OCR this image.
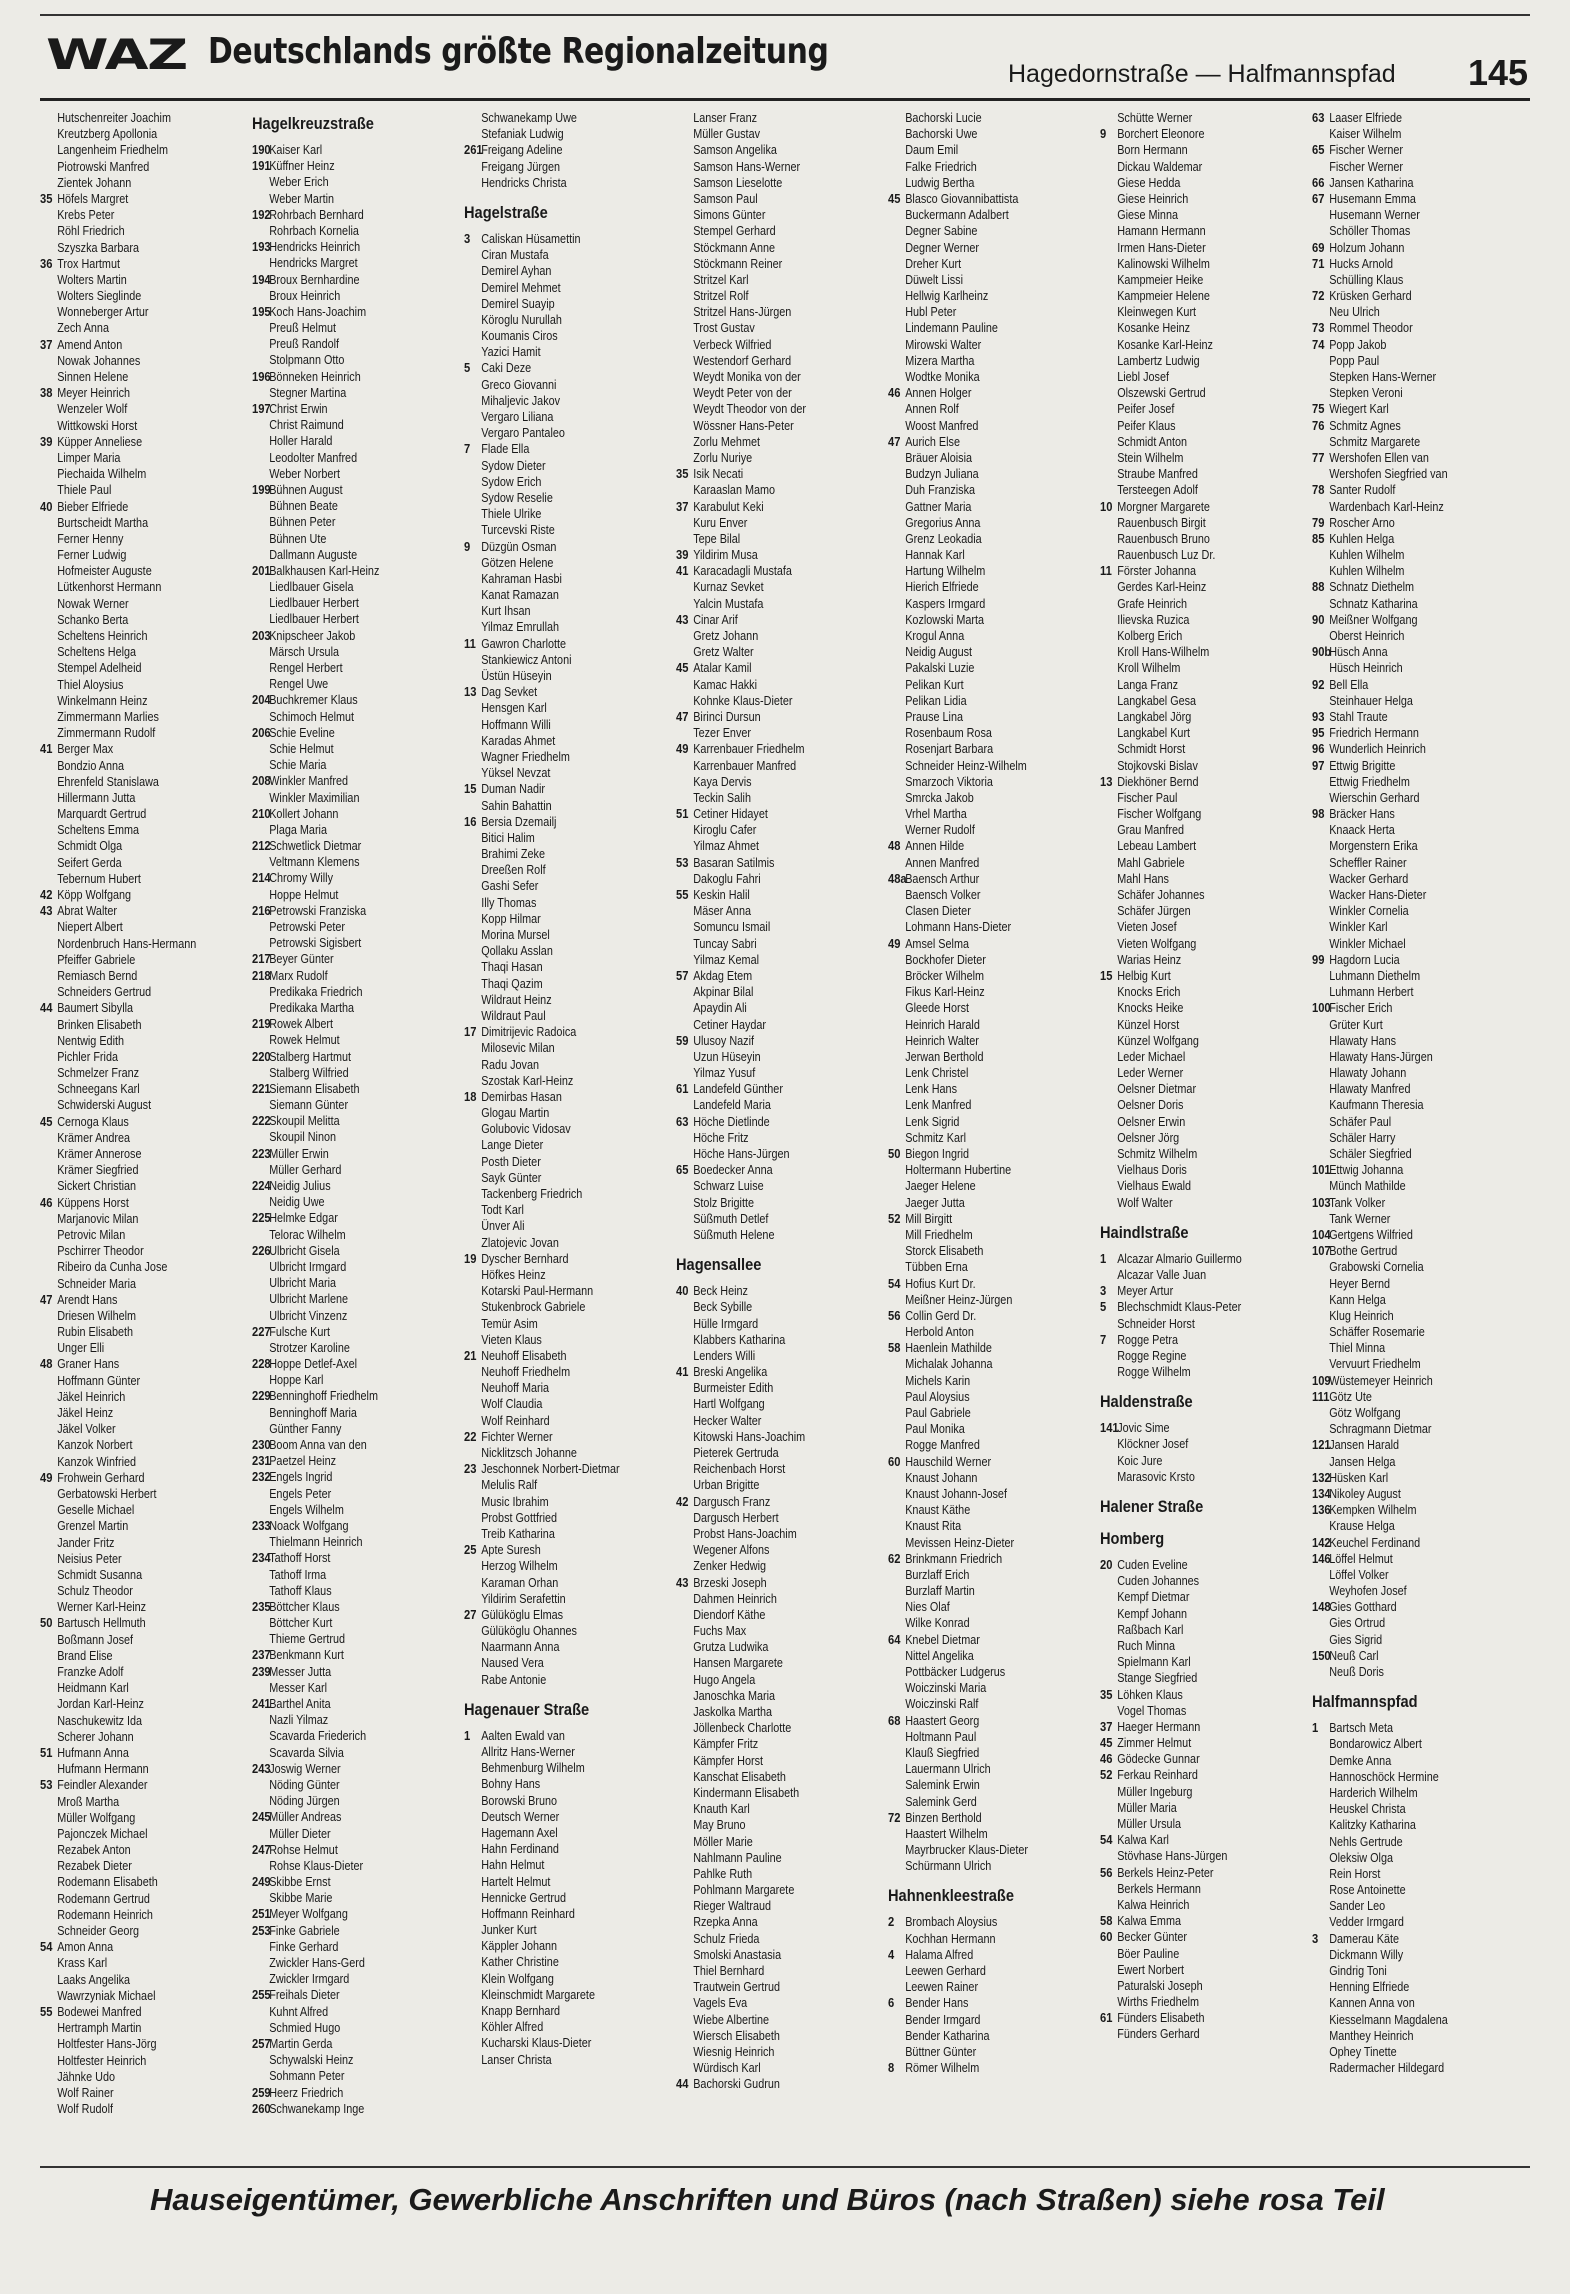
WAZ Deutschlands größte Regionalzeitung
Hagedornstraße — Halfmannspfad 145
Hutschenreiter Joachim
Kreutzberg Apollonia
Langenheim Friedhelm
Piotrowski Manfred
Zientek Johann
35 Höfels Margret
Krebs Peter
Röhl Friedrich
Szyszka Barbara
36 Trox Hartmut
Wolters Martin
Wolters Sieglinde
Wonneberger Artur
Zech Anna
37 Amend Anton
Nowak Johannes
Sinnen Helene
38 Meyer Heinrich
Wenzeler Wolf
Wittkowski Horst
39 Küpper Anneliese
Limper Maria
Piechaida Wilhelm
Thiele Paul
40 Bieber Elfriede
Burtscheidt Martha
Ferner Henny
Ferner Ludwig
Hofmeister Auguste
Lütkenhorst Hermann
Nowak Werner
Schanko Berta
Scheltens Heinrich
Scheltens Helga
Stempel Adelheid
Thiel Aloysius
Winkelmann Heinz
Zimmermann Marlies
Zimmermann Rudolf
41 Berger Max
Bondzio Anna
Ehrenfeld Stanislawa
Hillermann Jutta
Marquardt Gertrud
Scheltens Emma
Schmidt Olga
Seifert Gerda
Tebernum Hubert
42 Köpp Wolfgang
43 Abrat Walter
Niepert Albert
Nordenbruch Hans-Hermann
Pfeiffer Gabriele
Remiasch Bernd
Schneiders Gertrud
44 Baumert Sibylla
Brinken Elisabeth
Nentwig Edith
Pichler Frida
Schmelzer Franz
Schneegans Karl
Schwiderski August
45 Cernoga Klaus
Krämer Andrea
Krämer Annerose
Krämer Siegfried
Sickert Christian
46 Küppens Horst
Marjanovic Milan
Petrovic Milan
Pschirrer Theodor
Ribeiro da Cunha Jose
Schneider Maria
47 Arendt Hans
Driesen Wilhelm
Rubin Elisabeth
Unger Elli
48 Graner Hans
Hoffmann Günter
Jäkel Heinrich
Jäkel Heinz
Jäkel Volker
Kanzok Norbert
Kanzok Winfried
49 Frohwein Gerhard
Gerbatowski Herbert
Geselle Michael
Grenzel Martin
Jander Fritz
Neisius Peter
Schmidt Susanna
Schulz Theodor
Werner Karl-Heinz
50 Bartusch Hellmuth
Boßmann Josef
Brand Elise
Franzke Adolf
Heidmann Karl
Jordan Karl-Heinz
Naschukewitz Ida
Scherer Johann
51 Hufmann Anna
Hufmann Hermann
53 Feindler Alexander
Mroß Martha
Müller Wolfgang
Pajonczek Michael
Rezabek Anton
Rezabek Dieter
Rodemann Elisabeth
Rodemann Gertrud
Rodemann Heinrich
Schneider Georg
54 Amon Anna
Krass Karl
Laaks Angelika
Wawrzyniak Michael
55 Bodewei Manfred
Hertramph Martin
Holtfester Hans-Jörg
Holtfester Heinrich
Jähnke Udo
Wolf Rainer
Wolf Rudolf
Hagelkreuzstraße
190Kaiser Karl
191Küffner Heinz
Weber Erich
Weber Martin
192Rohrbach Bernhard
Rohrbach Kornelia
193Hendricks Heinrich
Hendricks Margret
194Broux Bernhardine
Broux Heinrich
195Koch Hans-Joachim
Preuß Helmut
Preuß Randolf
Stolpmann Otto
196Bönneken Heinrich
Stegner Martina
197Christ Erwin
Christ Raimund
Holler Harald
Leodolter Manfred
Weber Norbert
199Bühnen August
Bühnen Beate
Bühnen Peter
Bühnen Ute
Dallmann Auguste
201Balkhausen Karl-Heinz
Liedlbauer Gisela
Liedlbauer Herbert
Liedlbauer Herbert
203Knipscheer Jakob
Märsch Ursula
Rengel Herbert
Rengel Uwe
204Buchkremer Klaus
Schimoch Helmut
206Schie Eveline
Schie Helmut
Schie Maria
208Winkler Manfred
Winkler Maximilian
210Kollert Johann
Plaga Maria
212Schwetlick Dietmar
Veltmann Klemens
214Chromy Willy
Hoppe Helmut
216Petrowski Franziska
Petrowski Peter
Petrowski Sigisbert
217Beyer Günter
218Marx Rudolf
Predikaka Friedrich
Predikaka Martha
219Rowek Albert
Rowek Helmut
220Stalberg Hartmut
Stalberg Wilfried
221Siemann Elisabeth
Siemann Günter
222Skoupil Melitta
Skoupil Ninon
223Müller Erwin
Müller Gerhard
224Neidig Julius
Neidig Uwe
225Helmke Edgar
Telorac Wilhelm
226Ulbricht Gisela
Ulbricht Irmgard
Ulbricht Maria
Ulbricht Marlene
Ulbricht Vinzenz
227Fulsche Kurt
Strotzer Karoline
228Hoppe Detlef-Axel
Hoppe Karl
229Benninghoff Friedhelm
Benninghoff Maria
Günther Fanny
230Boom Anna van den
231Paetzel Heinz
232Engels Ingrid
Engels Peter
Engels Wilhelm
233Noack Wolfgang
Thielmann Heinrich
234Tathoff Horst
Tathoff Irma
Tathoff Klaus
235Böttcher Klaus
Böttcher Kurt
Thieme Gertrud
237Benkmann Kurt
239Messer Jutta
Messer Karl
241Barthel Anita
Nazli Yilmaz
Scavarda Friederich
Scavarda Silvia
243Joswig Werner
Nöding Günter
Nöding Jürgen
245Müller Andreas
Müller Dieter
247Rohse Helmut
Rohse Klaus-Dieter
249Skibbe Ernst
Skibbe Marie
251Meyer Wolfgang
253Finke Gabriele
Finke Gerhard
Zwickler Hans-Gerd
Zwickler Irmgard
255Freihals Dieter
Kuhnt Alfred
Schmied Hugo
257Martin Gerda
Schywalski Heinz
Sohmann Peter
259Heerz Friedrich
260Schwanekamp Inge
Schwanekamp Uwe
Stefaniak Ludwig
261Freigang Adeline
Freigang Jürgen
Hendricks Christa
Hagelstraße
3 Caliskan Hüsamettin
Ciran Mustafa
Demirel Ayhan
Demirel Mehmet
Demirel Suayip
Köroglu Nurullah
Koumanis Ciros
Yazici Hamit
5 Caki Deze
Greco Giovanni
Mihaljevic Jakov
Vergaro Liliana
Vergaro Pantaleo
7 Flade Ella
Sydow Dieter
Sydow Erich
Sydow Reselie
Thiele Ulrike
Turcevski Riste
9 Düzgün Osman
Götzen Helene
Kahraman Hasbi
Kanat Ramazan
Kurt Ihsan
Yilmaz Emrullah
11 Gawron Charlotte
Stankiewicz Antoni
Üstün Hüseyin
13 Dag Sevket
Hensgen Karl
Hoffmann Willi
Karadas Ahmet
Wagner Friedhelm
Yüksel Nevzat
15 Duman Nadir
Sahin Bahattin
16 Bersia Dzemailj
Bitici Halim
Brahimi Zeke
Dreeßen Rolf
Gashi Sefer
Illy Thomas
Kopp Hilmar
Morina Mursel
Qollaku Asslan
Thaqi Hasan
Thaqi Qazim
Wildraut Heinz
Wildraut Paul
17 Dimitrijevic Radoica
Milosevic Milan
Radu Jovan
Szostak Karl-Heinz
18 Demirbas Hasan
Glogau Martin
Golubovic Vidosav
Lange Dieter
Posth Dieter
Sayk Günter
Tackenberg Friedrich
Todt Karl
Ünver Ali
Zlatojevic Jovan
19 Dyscher Bernhard
Höfkes Heinz
Kotarski Paul-Hermann
Stukenbrock Gabriele
Temür Asim
Vieten Klaus
21 Neuhoff Elisabeth
Neuhoff Friedhelm
Neuhoff Maria
Wolf Claudia
Wolf Reinhard
22 Fichter Werner
Nicklitzsch Johanne
23 Jeschonnek Norbert-Dietmar
Melulis Ralf
Music Ibrahim
Probst Gottfried
Treib Katharina
25 Apte Suresh
Herzog Wilhelm
Karaman Orhan
Yildirim Serafettin
27 Gülüköglu Elmas
Gülüköglu Ohannes
Naarmann Anna
Naused Vera
Rabe Antonie
Hagenauer Straße
1 Aalten Ewald van
Allritz Hans-Werner
Behmenburg Wilhelm
Bohny Hans
Borowski Bruno
Deutsch Werner
Hagemann Axel
Hahn Ferdinand
Hahn Helmut
Hartelt Helmut
Hennicke Gertrud
Hoffmann Reinhard
Junker Kurt
Käppler Johann
Kather Christine
Klein Wolfgang
Kleinschmidt Margarete
Knapp Bernhard
Köhler Alfred
Kucharski Klaus-Dieter
Lanser Christa
Lanser Franz
Müller Gustav
Samson Angelika
Samson Hans-Werner
Samson Lieselotte
Samson Paul
Simons Günter
Stempel Gerhard
Stöckmann Anne
Stöckmann Reiner
Stritzel Karl
Stritzel Rolf
Stritzel Hans-Jürgen
Trost Gustav
Verbeck Wilfried
Westendorf Gerhard
Weydt Monika von der
Weydt Peter von der
Weydt Theodor von der
Wössner Hans-Peter
Zorlu Mehmet
Zorlu Nuriye
35 Isik Necati
Karaaslan Mamo
37 Karabulut Keki
Kuru Enver
Tepe Bilal
39 Yildirim Musa
41 Karacadagli Mustafa
Kurnaz Sevket
Yalcin Mustafa
43 Cinar Arif
Gretz Johann
Gretz Walter
45 Atalar Kamil
Kamac Hakki
Kohnke Klaus-Dieter
47 Birinci Dursun
Tezer Enver
49 Karrenbauer Friedhelm
Karrenbauer Manfred
Kaya Dervis
Teckin Salih
51 Cetiner Hidayet
Kiroglu Cafer
Yilmaz Ahmet
53 Basaran Satilmis
Dakoglu Fahri
55 Keskin Halil
Mäser Anna
Somuncu Ismail
Tuncay Sabri
Yilmaz Kemal
57 Akdag Etem
Akpinar Bilal
Apaydin Ali
Cetiner Haydar
59 Ulusoy Nazif
Uzun Hüseyin
Yilmaz Yusuf
61 Landefeld Günther
Landefeld Maria
63 Höche Dietlinde
Höche Fritz
Höche Hans-Jürgen
65 Boedecker Anna
Schwarz Luise
Stolz Brigitte
Süßmuth Detlef
Süßmuth Helene
Hagensallee
40 Beck Heinz
Beck Sybille
Hülle Irmgard
Klabbers Katharina
Lenders Willi
41 Breski Angelika
Burmeister Edith
Hartl Wolfgang
Hecker Walter
Kitowski Hans-Joachim
Pieterek Gertruda
Reichenbach Horst
Urban Brigitte
42 Dargusch Franz
Dargusch Herbert
Probst Hans-Joachim
Wegener Alfons
Zenker Hedwig
43 Brzeski Joseph
Dahmen Heinrich
Diendorf Käthe
Fuchs Max
Grutza Ludwika
Hansen Margarete
Hugo Angela
Janoschka Maria
Jaskolka Martha
Jöllenbeck Charlotte
Kämpfer Fritz
Kämpfer Horst
Kanschat Elisabeth
Kindermann Elisabeth
Knauth Karl
May Bruno
Möller Marie
Nahlmann Pauline
Pahlke Ruth
Pohlmann Margarete
Rieger Waltraud
Rzepka Anna
Schulz Frieda
Smolski Anastasia
Thiel Bernhard
Trautwein Gertrud
Vagels Eva
Wiebe Albertine
Wiersch Elisabeth
Wiesnig Heinrich
Würdisch Karl
44 Bachorski Gudrun
Bachorski Lucie
Bachorski Uwe
Daum Emil
Falke Friedrich
Ludwig Bertha
45 Blasco Giovannibattista
Buckermann Adalbert
Degner Sabine
Degner Werner
Dreher Kurt
Düwelt Lissi
Hellwig Karlheinz
Hubl Peter
Lindemann Pauline
Mirowski Walter
Mizera Martha
Wodtke Monika
46 Annen Holger
Annen Rolf
Woost Manfred
47 Aurich Else
Bräuer Aloisia
Budzyn Juliana
Duh Franziska
Gattner Maria
Gregorius Anna
Grenz Leokadia
Hannak Karl
Hartung Wilhelm
Hierich Elfriede
Kaspers Irmgard
Kozlowski Marta
Krogul Anna
Neidig August
Pakalski Luzie
Pelikan Kurt
Pelikan Lidia
Prause Lina
Rosenbaum Rosa
Rosenjart Barbara
Schneider Heinz-Wilhelm
Smarzoch Viktoria
Smrcka Jakob
Vrhel Martha
Werner Rudolf
48 Annen Hilde
Annen Manfred
48aBaensch Arthur
Baensch Volker
Clasen Dieter
Lohmann Hans-Dieter
49 Amsel Selma
Bockhofer Dieter
Bröcker Wilhelm
Fikus Karl-Heinz
Gleede Horst
Heinrich Harald
Heinrich Walter
Jerwan Berthold
Lenk Christel
Lenk Hans
Lenk Manfred
Lenk Sigrid
Schmitz Karl
50 Biegon Ingrid
Holtermann Hubertine
Jaeger Helene
Jaeger Jutta
52 Mill Birgitt
Mill Friedhelm
Storck Elisabeth
Tübben Erna
54 Hofius Kurt Dr.
Meißner Heinz-Jürgen
56 Collin Gerd Dr.
Herbold Anton
58 Haenlein Mathilde
Michalak Johanna
Michels Karin
Paul Aloysius
Paul Gabriele
Paul Monika
Rogge Manfred
60 Hauschild Werner
Knaust Johann
Knaust Johann-Josef
Knaust Käthe
Knaust Rita
Mevissen Heinz-Dieter
62 Brinkmann Friedrich
Burzlaff Erich
Burzlaff Martin
Nies Olaf
Wilke Konrad
64 Knebel Dietmar
Nittel Angelika
Pottbäcker Ludgerus
Woiczinski Maria
Woiczinski Ralf
68 Haastert Georg
Holtmann Paul
Klauß Siegfried
Lauermann Ulrich
Salemink Erwin
Salemink Gerd
72 Binzen Berthold
Haastert Wilhelm
Mayrbrucker Klaus-Dieter
Schürmann Ulrich
Hahnenkleestraße
2 Brombach Aloysius
Kochhan Hermann
4 Halama Alfred
Leewen Gerhard
Leewen Rainer
6 Bender Hans
Bender Irmgard
Bender Katharina
Büttner Günter
8 Römer Wilhelm
Schütte Werner
9 Borchert Eleonore
Born Hermann
Dickau Waldemar
Giese Hedda
Giese Heinrich
Giese Minna
Hamann Hermann
Irmen Hans-Dieter
Kalinowski Wilhelm
Kampmeier Heike
Kampmeier Helene
Kleinwegen Kurt
Kosanke Heinz
Kosanke Karl-Heinz
Lambertz Ludwig
Liebl Josef
Olszewski Gertrud
Peifer Josef
Peifer Klaus
Schmidt Anton
Stein Wilhelm
Straube Manfred
Tersteegen Adolf
10 Morgner Margarete
Rauenbusch Birgit
Rauenbusch Bruno
Rauenbusch Luz Dr.
11 Förster Johanna
Gerdes Karl-Heinz
Grafe Heinrich
Ilievska Ruzica
Kolberg Erich
Kroll Hans-Wilhelm
Kroll Wilhelm
Langa Franz
Langkabel Gesa
Langkabel Jörg
Langkabel Kurt
Schmidt Horst
Stojkovski Bislav
13 Diekhöner Bernd
Fischer Paul
Fischer Wolfgang
Grau Manfred
Lebeau Lambert
Mahl Gabriele
Mahl Hans
Schäfer Johannes
Schäfer Jürgen
Vieten Josef
Vieten Wolfgang
Warias Heinz
15 Helbig Kurt
Knocks Erich
Knocks Heike
Künzel Horst
Künzel Wolfgang
Leder Michael
Leder Werner
Oelsner Dietmar
Oelsner Doris
Oelsner Erwin
Oelsner Jörg
Schmitz Wilhelm
Vielhaus Doris
Vielhaus Ewald
Wolf Walter
Haindlstraße
1 Alcazar Almario Guillermo
Alcazar Valle Juan
3 Meyer Artur
5 Blechschmidt Klaus-Peter
Schneider Horst
7 Rogge Petra
Rogge Regine
Rogge Wilhelm
Haldenstraße
141Jovic Sime
Klöckner Josef
Koic Jure
Marasovic Krsto
Halener Straße
Homberg
20 Cuden Eveline
Cuden Johannes
Kempf Dietmar
Kempf Johann
Raßbach Karl
Ruch Minna
Spielmann Karl
Stange Siegfried
35 Löhken Klaus
Vogel Thomas
37 Haeger Hermann
45 Zimmer Helmut
46 Gödecke Gunnar
52 Ferkau Reinhard
Müller Ingeburg
Müller Maria
Müller Ursula
54 Kalwa Karl
Stövhase Hans-Jürgen
56 Berkels Heinz-Peter
Berkels Hermann
Kalwa Heinrich
58 Kalwa Emma
60 Becker Günter
Böer Pauline
Ewert Norbert
Paturalski Joseph
Wirths Friedhelm
61 Fünders Elisabeth
Fünders Gerhard
63 Laaser Elfriede
Kaiser Wilhelm
65 Fischer Werner
Fischer Werner
66 Jansen Katharina
67 Husemann Emma
Husemann Werner
Schöller Thomas
69 Holzum Johann
71 Hucks Arnold
Schülling Klaus
72 Krüsken Gerhard
Neu Ulrich
73 Rommel Theodor
74 Popp Jakob
Popp Paul
Stepken Hans-Werner
Stepken Veroni
75 Wiegert Karl
76 Schmitz Agnes
Schmitz Margarete
77 Wershofen Ellen van
Wershofen Siegfried van
78 Santer Rudolf
Wardenbach Karl-Heinz
79 Roscher Arno
85 Kuhlen Helga
Kuhlen Wilhelm
Kuhlen Wilhelm
88 Schnatz Diethelm
Schnatz Katharina
90 Meißner Wolfgang
Oberst Heinrich
90bHüsch Anna
Hüsch Heinrich
92 Bell Ella
Steinhauer Helga
93 Stahl Traute
95 Friedrich Hermann
96 Wunderlich Heinrich
97 Ettwig Brigitte
Ettwig Friedhelm
Wierschin Gerhard
98 Bräcker Hans
Knaack Herta
Morgenstern Erika
Scheffler Rainer
Wacker Gerhard
Wacker Hans-Dieter
Winkler Cornelia
Winkler Karl
Winkler Michael
99 Hagdorn Lucia
Luhmann Diethelm
Luhmann Herbert
100Fischer Erich
Grüter Kurt
Hlawaty Hans
Hlawaty Hans-Jürgen
Hlawaty Johann
Hlawaty Manfred
Kaufmann Theresia
Schäfer Paul
Schäler Harry
Schäler Siegfried
101Ettwig Johanna
Münch Mathilde
103Tank Volker
Tank Werner
104Gertgens Wilfried
107Bothe Gertrud
Grabowski Cornelia
Heyer Bernd
Kann Helga
Klug Heinrich
Schäffer Rosemarie
Thiel Minna
Vervuurt Friedhelm
109Wüstemeyer Heinrich
111Götz Ute
Götz Wolfgang
Schragmann Dietmar
121Jansen Harald
Jansen Helga
132Hüsken Karl
134Nikoley August
136Kempken Wilhelm
Krause Helga
142Keuchel Ferdinand
146Löffel Helmut
Löffel Volker
Weyhofen Josef
148Gies Gotthard
Gies Ortrud
Gies Sigrid
150Neuß Carl
Neuß Doris
Halfmannspfad
1 Bartsch Meta
Bondarowicz Albert
Demke Anna
Hannoschöck Hermine
Harderich Wilhelm
Heuskel Christa
Kalitzky Katharina
Nehls Gertrude
Oleksiw Olga
Rein Horst
Rose Antoinette
Sander Leo
Vedder Irmgard
3 Damerau Käte
Dickmann Willy
Gindrig Toni
Henning Elfriede
Kannen Anna von
Kiesselmann Magdalena
Manthey Heinrich
Ophey Tinette
Radermacher Hildegard
Hauseigentümer, Gewerbliche Anschriften und Büros (nach Straßen) siehe rosa Teil
